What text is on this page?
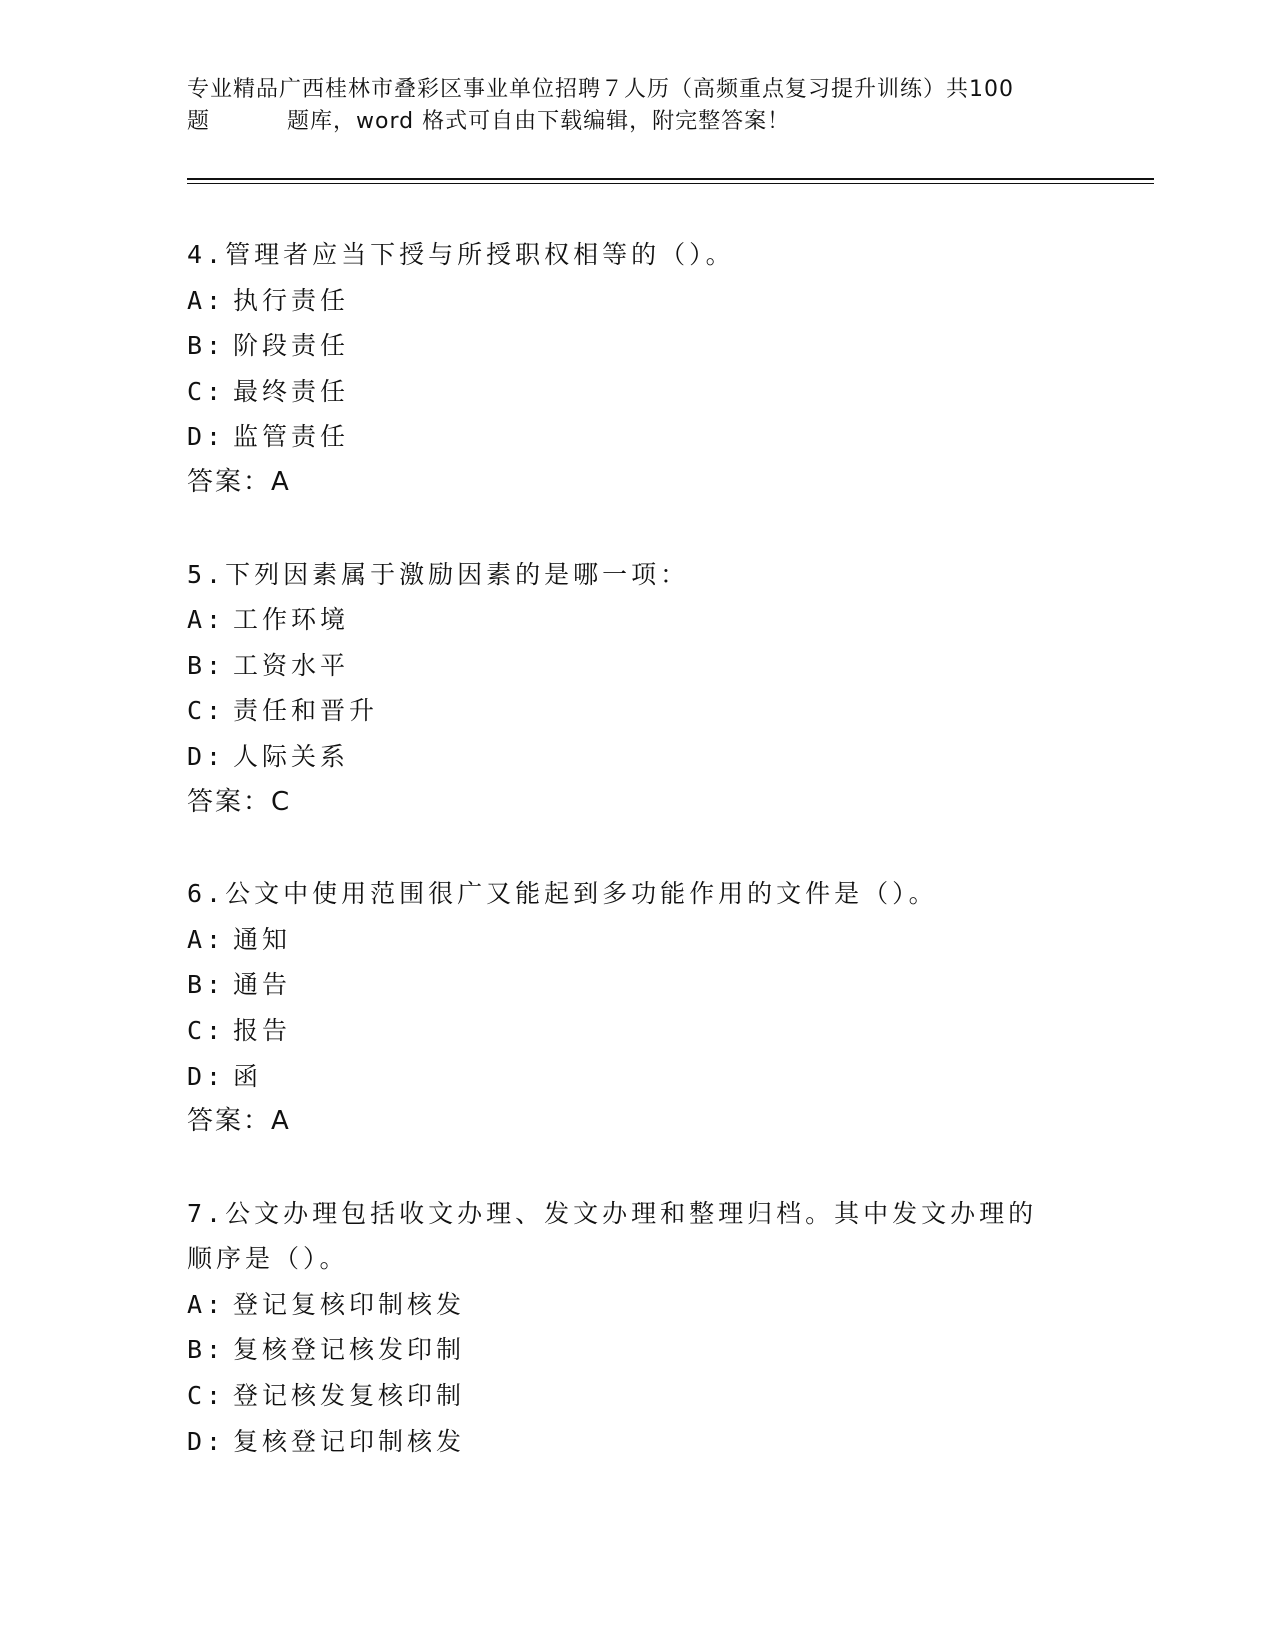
专业精品广西桂林市叠彩区事业单位招聘７人历（高频重点复习提升训练）共100
题	题库，word 格式可自由下载编辑，附完整答案！
4.管理者应当下授与所授职权相等的（）。
A: 执行责任
B: 阶段责任
C: 最终责任
D: 监管责任
答案：A
5.下列因素属于激励因素的是哪一项：
A: 工作环境
B: 工资水平
C: 责任和晋升
D: 人际关系
答案：C
6.公文中使用范围很广又能起到多功能作用的文件是（）。
A: 通知
B: 通告
C: 报告
D: 函
答案：A
7.公文办理包括收文办理、发文办理和整理归档。其中发文办理的顺序是（）。
A: 登记复核印制核发
B: 复核登记核发印制
C: 登记核发复核印制
D: 复核登记印制核发
